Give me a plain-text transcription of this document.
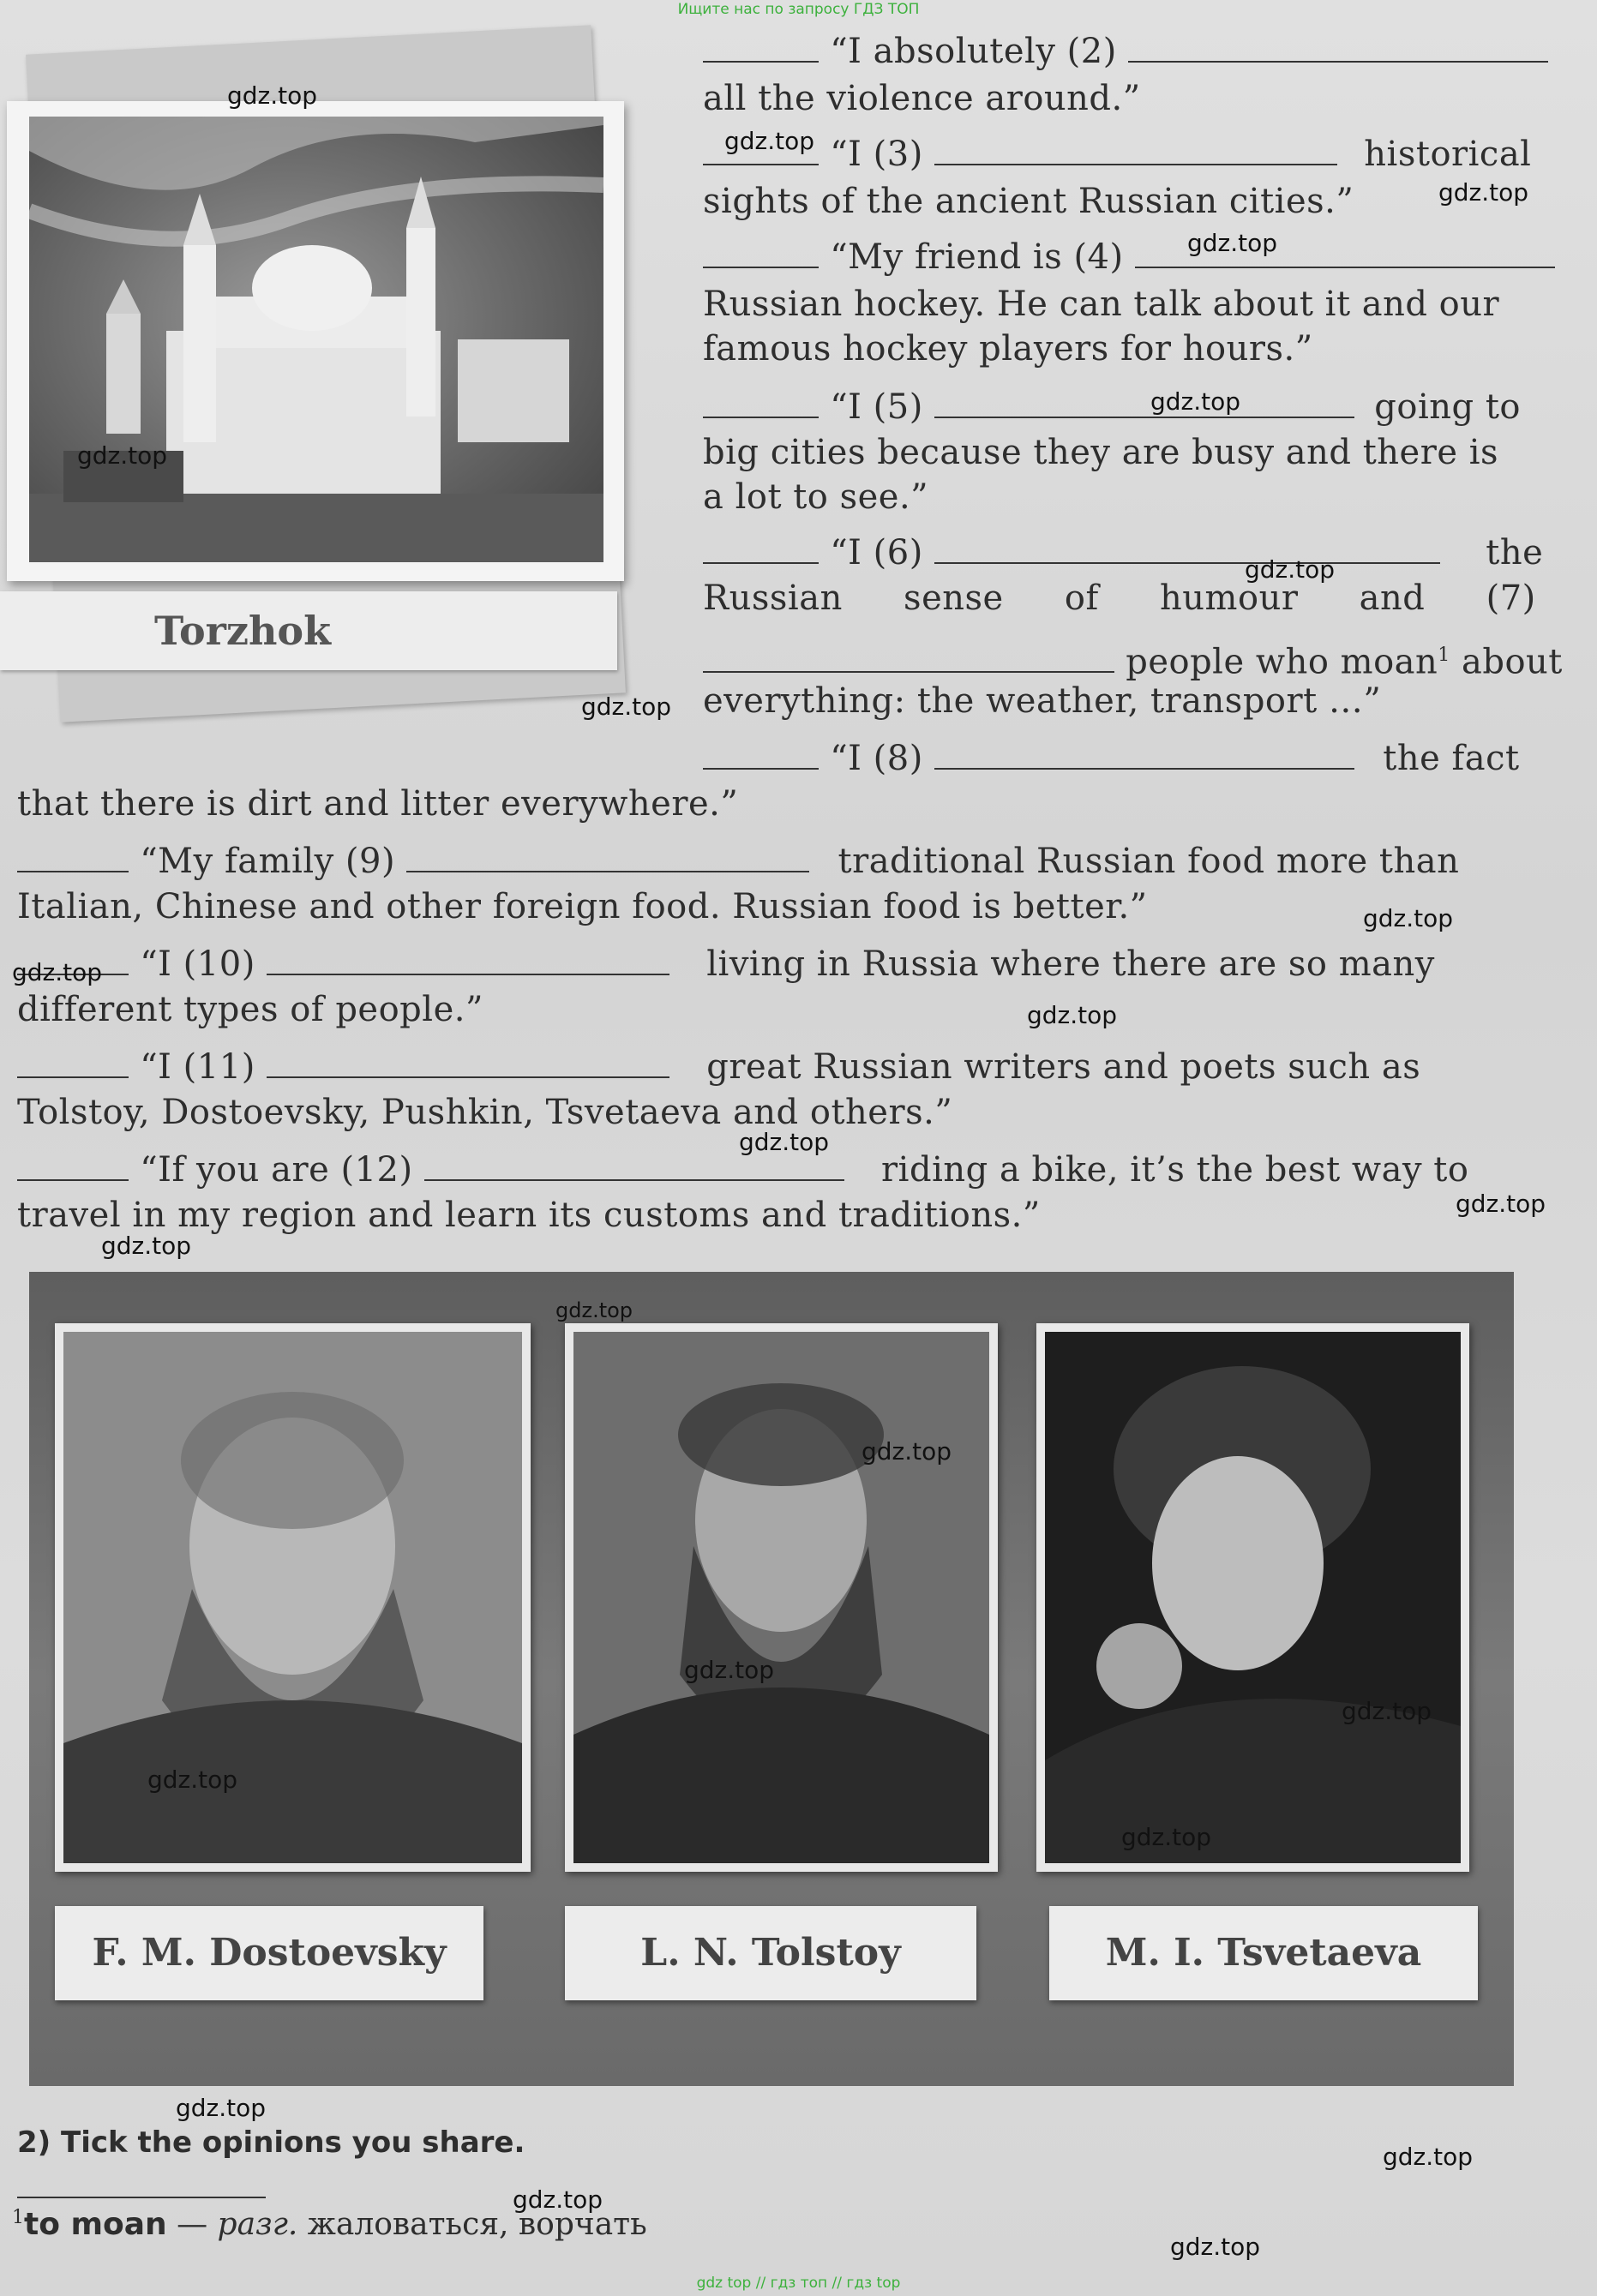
Ищите нас по запросу ГДЗ ТОП
Torzhok
“I absolutely (2)
all the violence around.”
“I (3)	historical
sights of the ancient Russian cities.”
“My friend is (4)
Russian hockey. He can talk about it and our
famous hockey players for hours.”
“I (5)	going to
big cities because they are busy and there is
a lot to see.”
“I (6)	the
Russian sense of humour and (7)
people who moan$^1$ about
everything: the weather, transport …”
“I (8)	the fact
that there is dirt and litter everywhere.”
“My family (9)	traditional Russian food more than
Italian, Chinese and other foreign food. Russian food is better.”
“I (10)	living in Russia where there are so many
different types of people.”
“I (11)	great Russian writers and poets such as
Tolstoy, Dostoevsky, Pushkin, Tsvetaeva and others.”
“If you are (12)	riding a bike, it’s the best way to
travel in my region and learn its customs and traditions.”
F. M. Dostoevsky	L. N. Tolstoy	M. I. Tsvetaeva
2) Tick the opinions you share.
$^1$to moan — разг. жаловаться, ворчать
gdz.top
gdz.top
gdz.top
gdz.top
gdz.top
gdz.top
gdz.top
gdz.top
gdz.top
gdz.top
gdz.top
gdz.top
gdz.top
gdz.top
gdz.top
gdz.top
gdz.top
gdz.top
gdz.top
gdz.top
gdz.top
gdz.top
gdz.top
gdz.top
gdz top // гдз топ // гдз top
